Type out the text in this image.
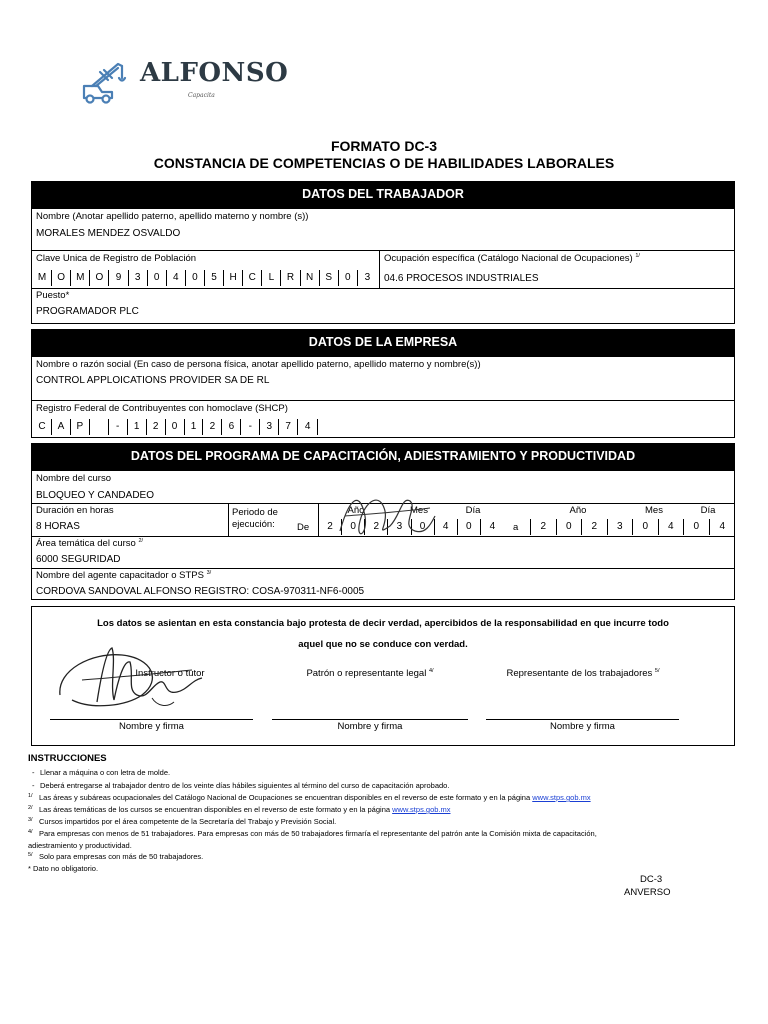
ALFONSO
Capacita
FORMATO DC-3
CONSTANCIA DE COMPETENCIAS O DE HABILIDADES LABORALES
DATOS DEL TRABAJADOR
Nombre (Anotar apellido paterno, apellido materno y nombre (s))
MORALES MENDEZ OSVALDO
Clave Unica de Registro de Población
M	O	M	O	9	3	0	4	0	5	H	C	L	R	N	S	0	3
Ocupación específica (Catálogo Nacional de Ocupaciones) $^{1/}$
04.6 PROCESOS INDUSTRIALES
Puesto*
PROGRAMADOR PLC
DATOS DE LA EMPRESA
Nombre o razón social (En caso de persona física, anotar apellido paterno, apellido materno y nombre(s))
CONTROL APPLOICATIONS PROVIDER SA DE RL
Registro Federal de Contribuyentes con homoclave (SHCP)
C	A	P	-	1	2	0	1	2	6	-	3	7	4
DATOS DEL PROGRAMA DE CAPACITACIÓN, ADIESTRAMIENTO Y PRODUCTIVIDAD
Nombre del curso
BLOQUEO Y CANDADEO
Duración en horas
8 HORAS
Periodo de
ejecución: De	a
Año	Mes	Día	Año	Mes	Día
2	0	2	3	0	4	0	4	2	0	2	3	0	4	0	4
Área temática del curso $^{2/}$
6000 SEGURIDAD
Nombre del agente capacitador o STPS $^{3/}$
CORDOVA SANDOVAL ALFONSO REGISTRO: COSA-970311-NF6-0005
Los datos se asientan en esta constancia bajo protesta de decir verdad, apercibidos de la responsabilidad en que incurre todo
aquel que no se conduce con verdad.
Instructor o tutor	Patrón o representante legal $^{4/}$	Representante de los trabajadores $^{5/}$
Nombre y firma	Nombre y firma	Nombre y firma
INSTRUCCIONES
- Llenar a máquina o con letra de molde.
- Deberá entregarse al trabajador dentro de los veinte días hábiles siguientes al término del curso de capacitación aprobado.
1/ Las áreas y subáreas ocupacionales del Catálogo Nacional de Ocupaciones se encuentran disponibles en el reverso de este formato y en la página www.stps.gob.mx
2/ Las áreas temáticas de los cursos se encuentran disponibles en el reverso de este formato y en la página www.stps.gob.mx
3/ Cursos impartidos por el área competente de la Secretaría del Trabajo y Previsión Social.
4/ Para empresas con menos de 51 trabajadores. Para empresas con más de 50 trabajadores firmaría el representante del patrón ante la Comisión mixta de capacitación,
adiestramiento y productividad.
5/ Solo para empresas con más de 50 trabajadores.
* Dato no obligatorio.
DC-3
ANVERSO
